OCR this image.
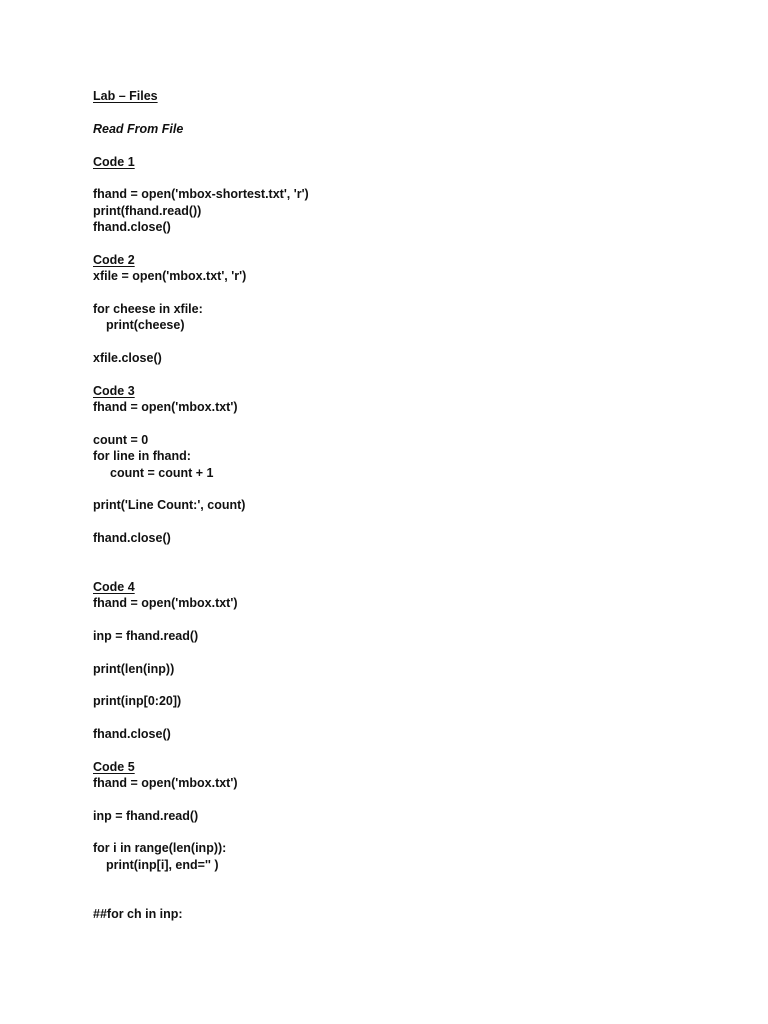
Lab – Files
Read From File
Code 1
fhand = open('mbox-shortest.txt', 'r')
print(fhand.read())
fhand.close()
Code 2
xfile = open('mbox.txt', 'r')
for cheese in xfile:
print(cheese)
xfile.close()
Code 3
fhand = open('mbox.txt')
count = 0
for line in fhand:
count = count + 1
print('Line Count:', count)
fhand.close()
Code 4
fhand = open('mbox.txt')
inp = fhand.read()
print(len(inp))
print(inp[0:20])
fhand.close()
Code 5
fhand = open('mbox.txt')
inp = fhand.read()
for i in range(len(inp)):
print(inp[i], end='' )
##for ch in inp:
